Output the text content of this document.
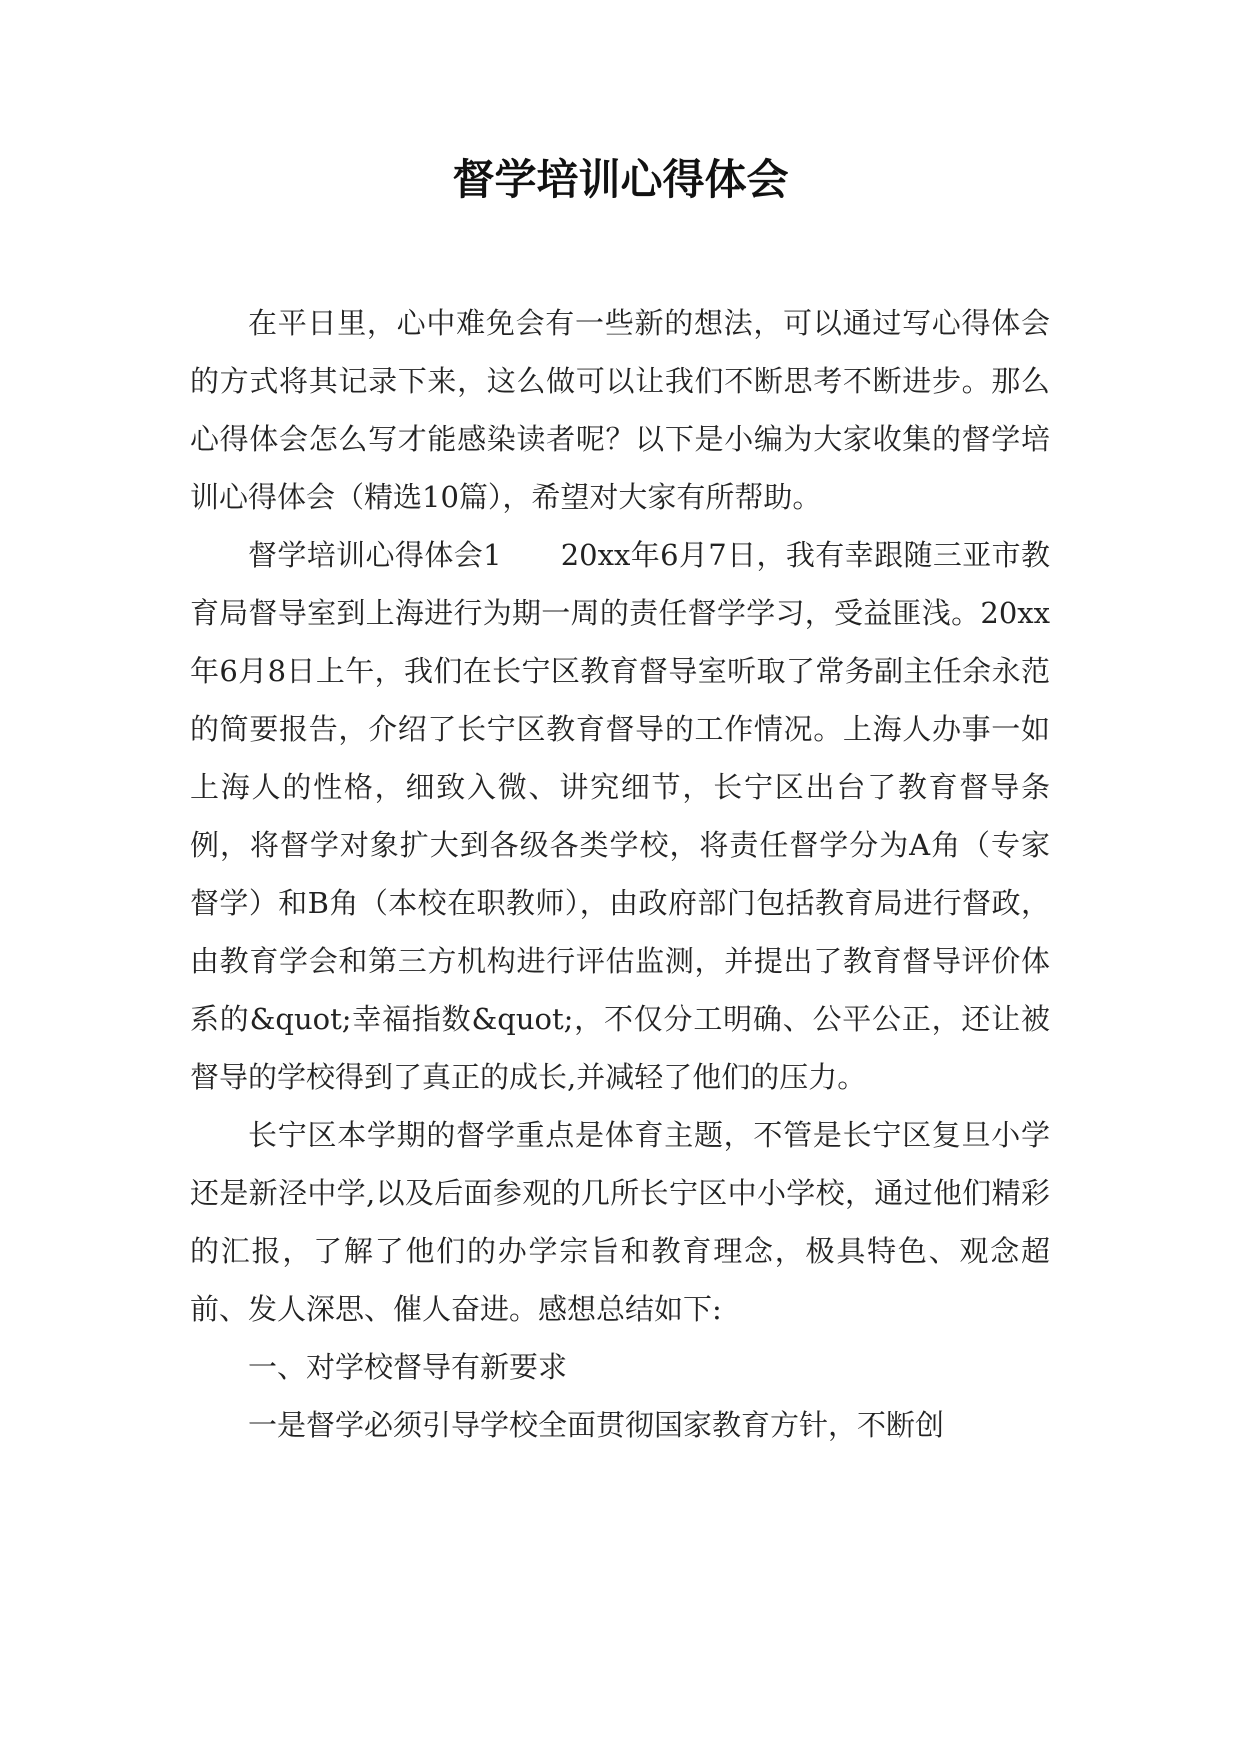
督学培训心得体会

在平日里，心中难免会有一些新的想法，可以通过写心得体会的方式将其记录下来，这么做可以让我们不断思考不断进步。那么心得体会怎么写才能感染读者呢？以下是小编为大家收集的督学培训心得体会（精选10篇），希望对大家有所帮助。

督学培训心得体会1　　20xx年6月7日，我有幸跟随三亚市教育局督导室到上海进行为期一周的责任督学学习，受益匪浅。20xx年6月8日上午，我们在长宁区教育督导室听取了常务副主任余永范的简要报告，介绍了长宁区教育督导的工作情况。上海人办事一如上海人的性格，细致入微、讲究细节，长宁区出台了教育督导条例，将督学对象扩大到各级各类学校，将责任督学分为A角（专家督学）和B角（本校在职教师），由政府部门包括教育局进行督政，由教育学会和第三方机构进行评估监测，并提出了教育督导评价体系的&quot;幸福指数&quot;，不仅分工明确、公平公正，还让被督导的学校得到了真正的成长,并减轻了他们的压力。

长宁区本学期的督学重点是体育主题，不管是长宁区复旦小学还是新泾中学,以及后面参观的几所长宁区中小学校，通过他们精彩的汇报，了解了他们的办学宗旨和教育理念，极具特色、观念超前、发人深思、催人奋进。感想总结如下:

一、对学校督导有新要求

一是督学必须引导学校全面贯彻国家教育方针，不断创
